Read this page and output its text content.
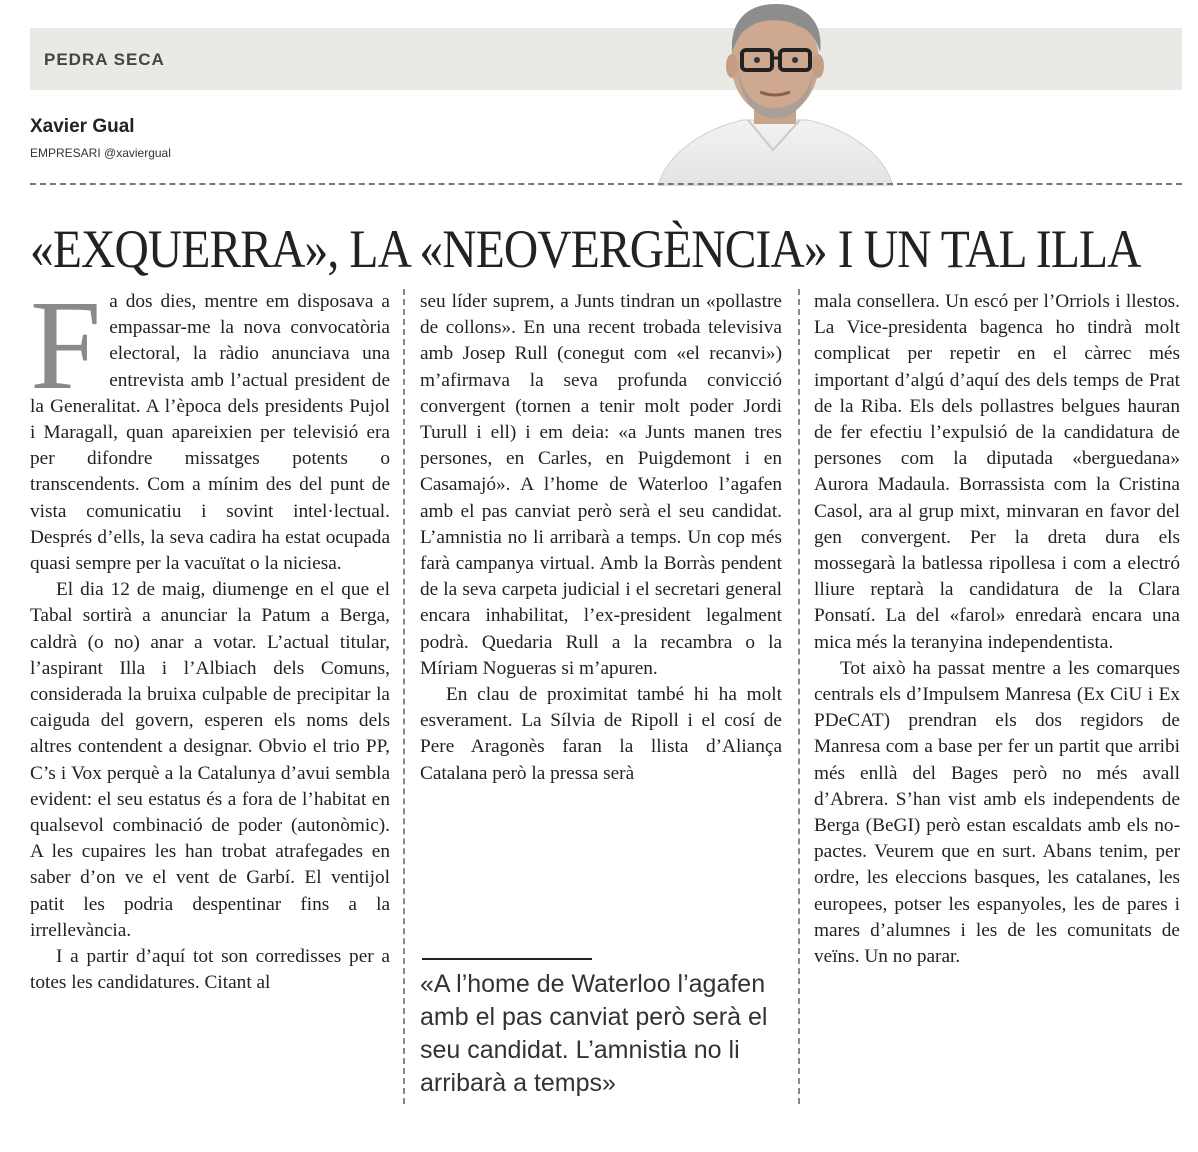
PEDRA SECA
Xavier Gual
EMPRESARI @xaviergual
«EXQUERRA», LA «NEOVERGÈNCIA» I UN TAL ILLA
F a dos dies, mentre em disposava a empassar-me la nova convocatòria electoral, la ràdio anunciava una entrevista amb l’actual president de la Generalitat. A l’època dels presidents Pujol i Maragall, quan apareixien per televisió era per difondre missatges potents o transcendents. Com a mínim des del punt de vista comunicatiu i sovint intel·lectual. Després d’ells, la seva cadira ha estat ocupada quasi sempre per la vacuïtat o la niciesa.

El dia 12 de maig, diumenge en el que el Tabal sortirà a anunciar la Patum a Berga, caldrà (o no) anar a votar. L’actual titular, l’aspirant Illa i l’Albiach dels Comuns, considerada la bruixa culpable de precipitar la caiguda del govern, esperen els noms dels altres contendent a designar. Obvio el trio PP, C’s i Vox perquè a la Catalunya d’avui sembla evident: el seu estatus és a fora de l’habitat en qualsevol combinació de poder (autonòmic). A les cupaires les han trobat atrafegades en saber d’on ve el vent de Garbí. El ventijol patit les podria despentinar fins a la irrellevància.

I a partir d’aquí tot son corredisses per a totes les candidatures. Citant al

seu líder suprem, a Junts tindran un «pollastre de collons». En una recent trobada televisiva amb Josep Rull (conegut com «el recanvi») m’afirmava la seva profunda convicció convergent (tornen a tenir molt poder Jordi Turull i ell) i em deia: «a Junts manen tres persones, en Carles, en Puigdemont i en Casamajó». A l’home de Waterloo l’agafen amb el pas canviat però serà el seu candidat. L’amnistia no li arribarà a temps. Un cop més farà campanya virtual. Amb la Borràs pendent de la seva carpeta judicial i el secretari general encara inhabilitat, l’ex-president legalment podrà. Quedaria Rull a la recambra o la Míriam Nogueras si m’apuren.

En clau de proximitat també hi ha molt esverament. La Sílvia de Ripoll i el cosí de Pere Aragonès faran la llista d’Aliança Catalana però la pressa serà

«A l’home de Waterloo l’agafen amb el pas canviat però serà el seu candidat. L’amnistia no li arribarà a temps»

mala consellera. Un escó per l’Orriols i llestos. La Vice-presidenta bagenca ho tindrà molt complicat per repetir en el càrrec més important d’algú d’aquí des dels temps de Prat de la Riba. Els dels pollastres belgues hauran de fer efectiu l’expulsió de la candidatura de persones com la diputada «berguedana» Aurora Madaula. Borrassista com la Cristina Casol, ara al grup mixt, minvaran en favor del gen convergent. Per la dreta dura els mossegarà la batlessa ripollesa i com a electró lliure reptarà la candidatura de la Clara Ponsatí. La del «farol» enredarà encara una mica més la teranyina independentista.

Tot això ha passat mentre a les comarques centrals els d’Impulsem Manresa (Ex CiU i Ex PDeCAT) prendran els dos regidors de Manresa com a base per fer un partit que arribi més enllà del Bages però no més avall d’Abrera. S’han vist amb els independents de Berga (BeGI) però estan escaldats amb els no-pactes. Veurem que en surt. Abans tenim, per ordre, les eleccions basques, les catalanes, les europees, potser les espanyoles, les de pares i mares d’alumnes i les de les comunitats de veïns. Un no parar.
